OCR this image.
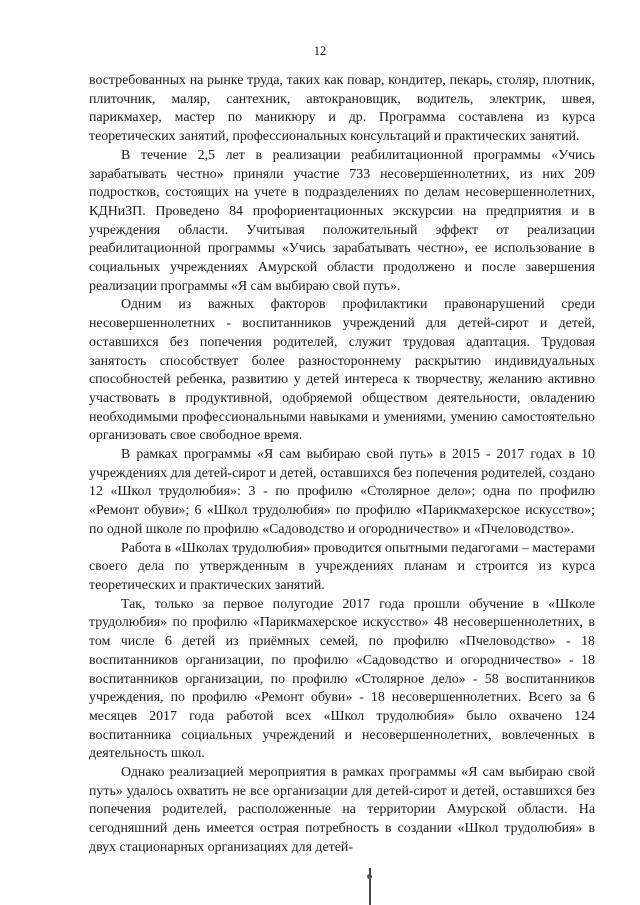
12

востребованных на рынке труда, таких как повар, кондитер, пекарь, столяр, плотник, плиточник, маляр, сантехник, автокрановщик, водитель, электрик, швея, парикмахер, мастер по маникюру и др. Программа составлена из курса теоретических занятий, профессиональных консультаций и практических занятий.

В течение 2,5 лет в реализации реабилитационной программы «Учись зарабатывать честно» приняли участие 733 несовершеннолетних, из них 209 подростков, состоящих на учете в подразделениях по делам несовершеннолетних, КДНиЗП. Проведено 84 профориентационных экскурсии на предприятия и в учреждения области. Учитывая положительный эффект от реализации реабилитационной программы «Учись зарабатывать честно», ее использование в социальных учреждениях Амурской области продолжено и после завершения реализации программы «Я сам выбираю свой путь».

Одним из важных факторов профилактики правонарушений среди несовершеннолетних - воспитанников учреждений для детей-сирот и детей, оставшихся без попечения родителей, служит трудовая адаптация. Трудовая занятость способствует более разностороннему раскрытию индивидуальных способностей ребенка, развитию у детей интереса к творчеству, желанию активно участвовать в продуктивной, одобряемой обществом деятельности, овладению необходимыми профессиональными навыками и умениями, умению самостоятельно организовать свое свободное время.

В рамках программы «Я сам выбираю свой путь» в 2015 - 2017 годах в 10 учреждениях для детей-сирот и детей, оставшихся без попечения родителей, создано 12 «Школ трудолюбия»: 3 - по профилю «Столярное дело»; одна по профилю «Ремонт обуви»; 6 «Школ трудолюбия» по профилю «Парикмахерское искусство»; по одной школе по профилю «Садоводство и огородничество» и «Пчеловодство».

Работа в «Школах трудолюбия» проводится опытными педагогами – мастерами своего дела по утвержденным в учреждениях планам и строится из курса теоретических и практических занятий.

Так, только за первое полугодие 2017 года прошли обучение в «Школе трудолюбия» по профилю «Парикмахерское искусство» 48 несовершеннолетних, в том числе 6 детей из приёмных семей, по профилю «Пчеловодство» - 18 воспитанников организации, по профилю «Садоводство и огородничество» - 18 воспитанников организации, по профилю «Столярное дело» - 58 воспитанников учреждения, по профилю «Ремонт обуви» - 18 несовершеннолетних. Всего за 6 месяцев 2017 года работой всех «Школ трудолюбия» было охвачено 124 воспитанника социальных учреждений и несовершеннолетних, вовлеченных в деятельность школ.

Однако реализацией мероприятия в рамках программы «Я сам выбираю свой путь» удалось охватить не все организации для детей-сирот и детей, оставшихся без попечения родителей, расположенные на территории Амурской области. На сегодняшний день имеется острая потребность в создании «Школ трудолюбия» в двух стационарных организациях для детей-
